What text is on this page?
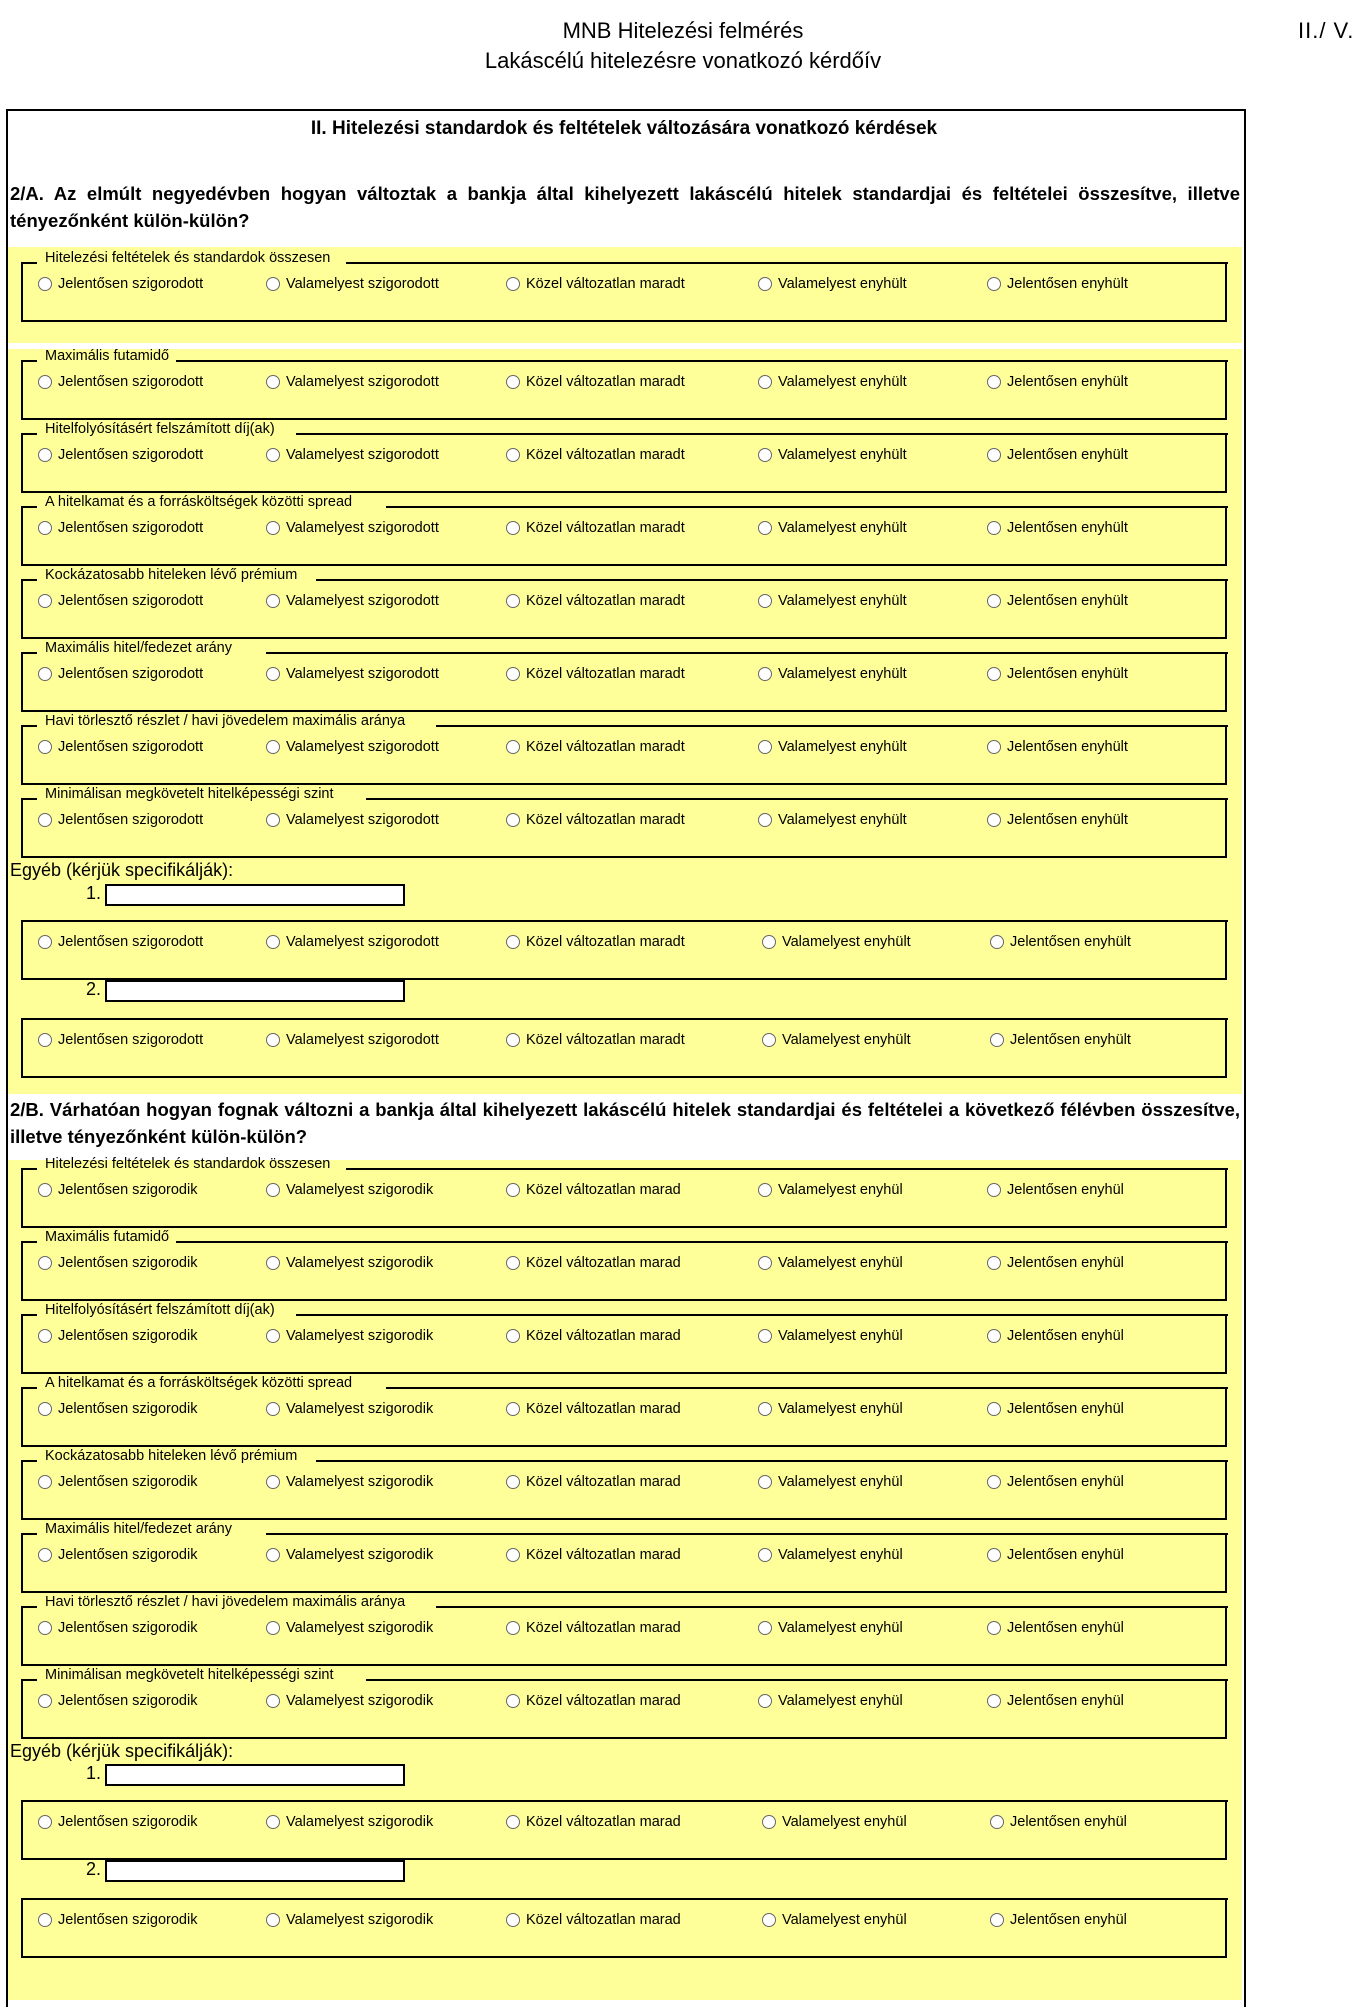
MNB Hitelezési felmérés
Lakáscélú hitelezésre vonatkozó kérdőív
II./ V.
II. Hitelezési standardok és feltételek változására vonatkozó kérdések
2/A. Az elmúlt negyedévben hogyan változtak a bankja által kihelyezett lakáscélú hitelek standardjai és feltételei összesítve, illetve tényezőnként külön-külön?
2/B. Várhatóan hogyan fognak változni a bankja által kihelyezett lakáscélú hitelek standardjai és feltételei a következő félévben összesítve, illetve tényezőnként külön-külön?
Hitelezési feltételek és standardok összesen
Jelentősen szigorodott	Valamelyest szigorodott	Közel változatlan maradt	Valamelyest enyhült	Jelentősen enyhült
Maximális futamidő
Jelentősen szigorodott	Valamelyest szigorodott	Közel változatlan maradt	Valamelyest enyhült	Jelentősen enyhült
Hitelfolyósításért felszámított díj(ak)
Jelentősen szigorodott	Valamelyest szigorodott	Közel változatlan maradt	Valamelyest enyhült	Jelentősen enyhült
A hitelkamat és a forrásköltségek közötti spread
Jelentősen szigorodott	Valamelyest szigorodott	Közel változatlan maradt	Valamelyest enyhült	Jelentősen enyhült
Kockázatosabb hiteleken lévő prémium
Jelentősen szigorodott	Valamelyest szigorodott	Közel változatlan maradt	Valamelyest enyhült	Jelentősen enyhült
Maximális hitel/fedezet arány
Jelentősen szigorodott	Valamelyest szigorodott	Közel változatlan maradt	Valamelyest enyhült	Jelentősen enyhült
Havi törlesztő részlet / havi jövedelem maximális aránya
Jelentősen szigorodott	Valamelyest szigorodott	Közel változatlan maradt	Valamelyest enyhült	Jelentősen enyhült
Minimálisan megkövetelt hitelképességi szint
Jelentősen szigorodott	Valamelyest szigorodott	Közel változatlan maradt	Valamelyest enyhült	Jelentősen enyhült
Hitelezési feltételek és standardok összesen
Jelentősen szigorodik	Valamelyest szigorodik	Közel változatlan marad	Valamelyest enyhül	Jelentősen enyhül
Maximális futamidő
Jelentősen szigorodik	Valamelyest szigorodik	Közel változatlan marad	Valamelyest enyhül	Jelentősen enyhül
Hitelfolyósításért felszámított díj(ak)
Jelentősen szigorodik	Valamelyest szigorodik	Közel változatlan marad	Valamelyest enyhül	Jelentősen enyhül
A hitelkamat és a forrásköltségek közötti spread
Jelentősen szigorodik	Valamelyest szigorodik	Közel változatlan marad	Valamelyest enyhül	Jelentősen enyhül
Kockázatosabb hiteleken lévő prémium
Jelentősen szigorodik	Valamelyest szigorodik	Közel változatlan marad	Valamelyest enyhül	Jelentősen enyhül
Maximális hitel/fedezet arány
Jelentősen szigorodik	Valamelyest szigorodik	Közel változatlan marad	Valamelyest enyhül	Jelentősen enyhül
Havi törlesztő részlet / havi jövedelem maximális aránya
Jelentősen szigorodik	Valamelyest szigorodik	Közel változatlan marad	Valamelyest enyhül	Jelentősen enyhül
Minimálisan megkövetelt hitelképességi szint
Jelentősen szigorodik	Valamelyest szigorodik	Közel változatlan marad	Valamelyest enyhül	Jelentősen enyhül
Egyéb (kérjük specifikálják):
1.
2.
Jelentősen szigorodott	Valamelyest szigorodott	Közel változatlan maradt	Valamelyest enyhült	Jelentősen enyhült
Jelentősen szigorodott	Valamelyest szigorodott	Közel változatlan maradt	Valamelyest enyhült	Jelentősen enyhült
Egyéb (kérjük specifikálják):
1.
2.
Jelentősen szigorodik	Valamelyest szigorodik	Közel változatlan marad	Valamelyest enyhül	Jelentősen enyhül
Jelentősen szigorodik	Valamelyest szigorodik	Közel változatlan marad	Valamelyest enyhül	Jelentősen enyhül
